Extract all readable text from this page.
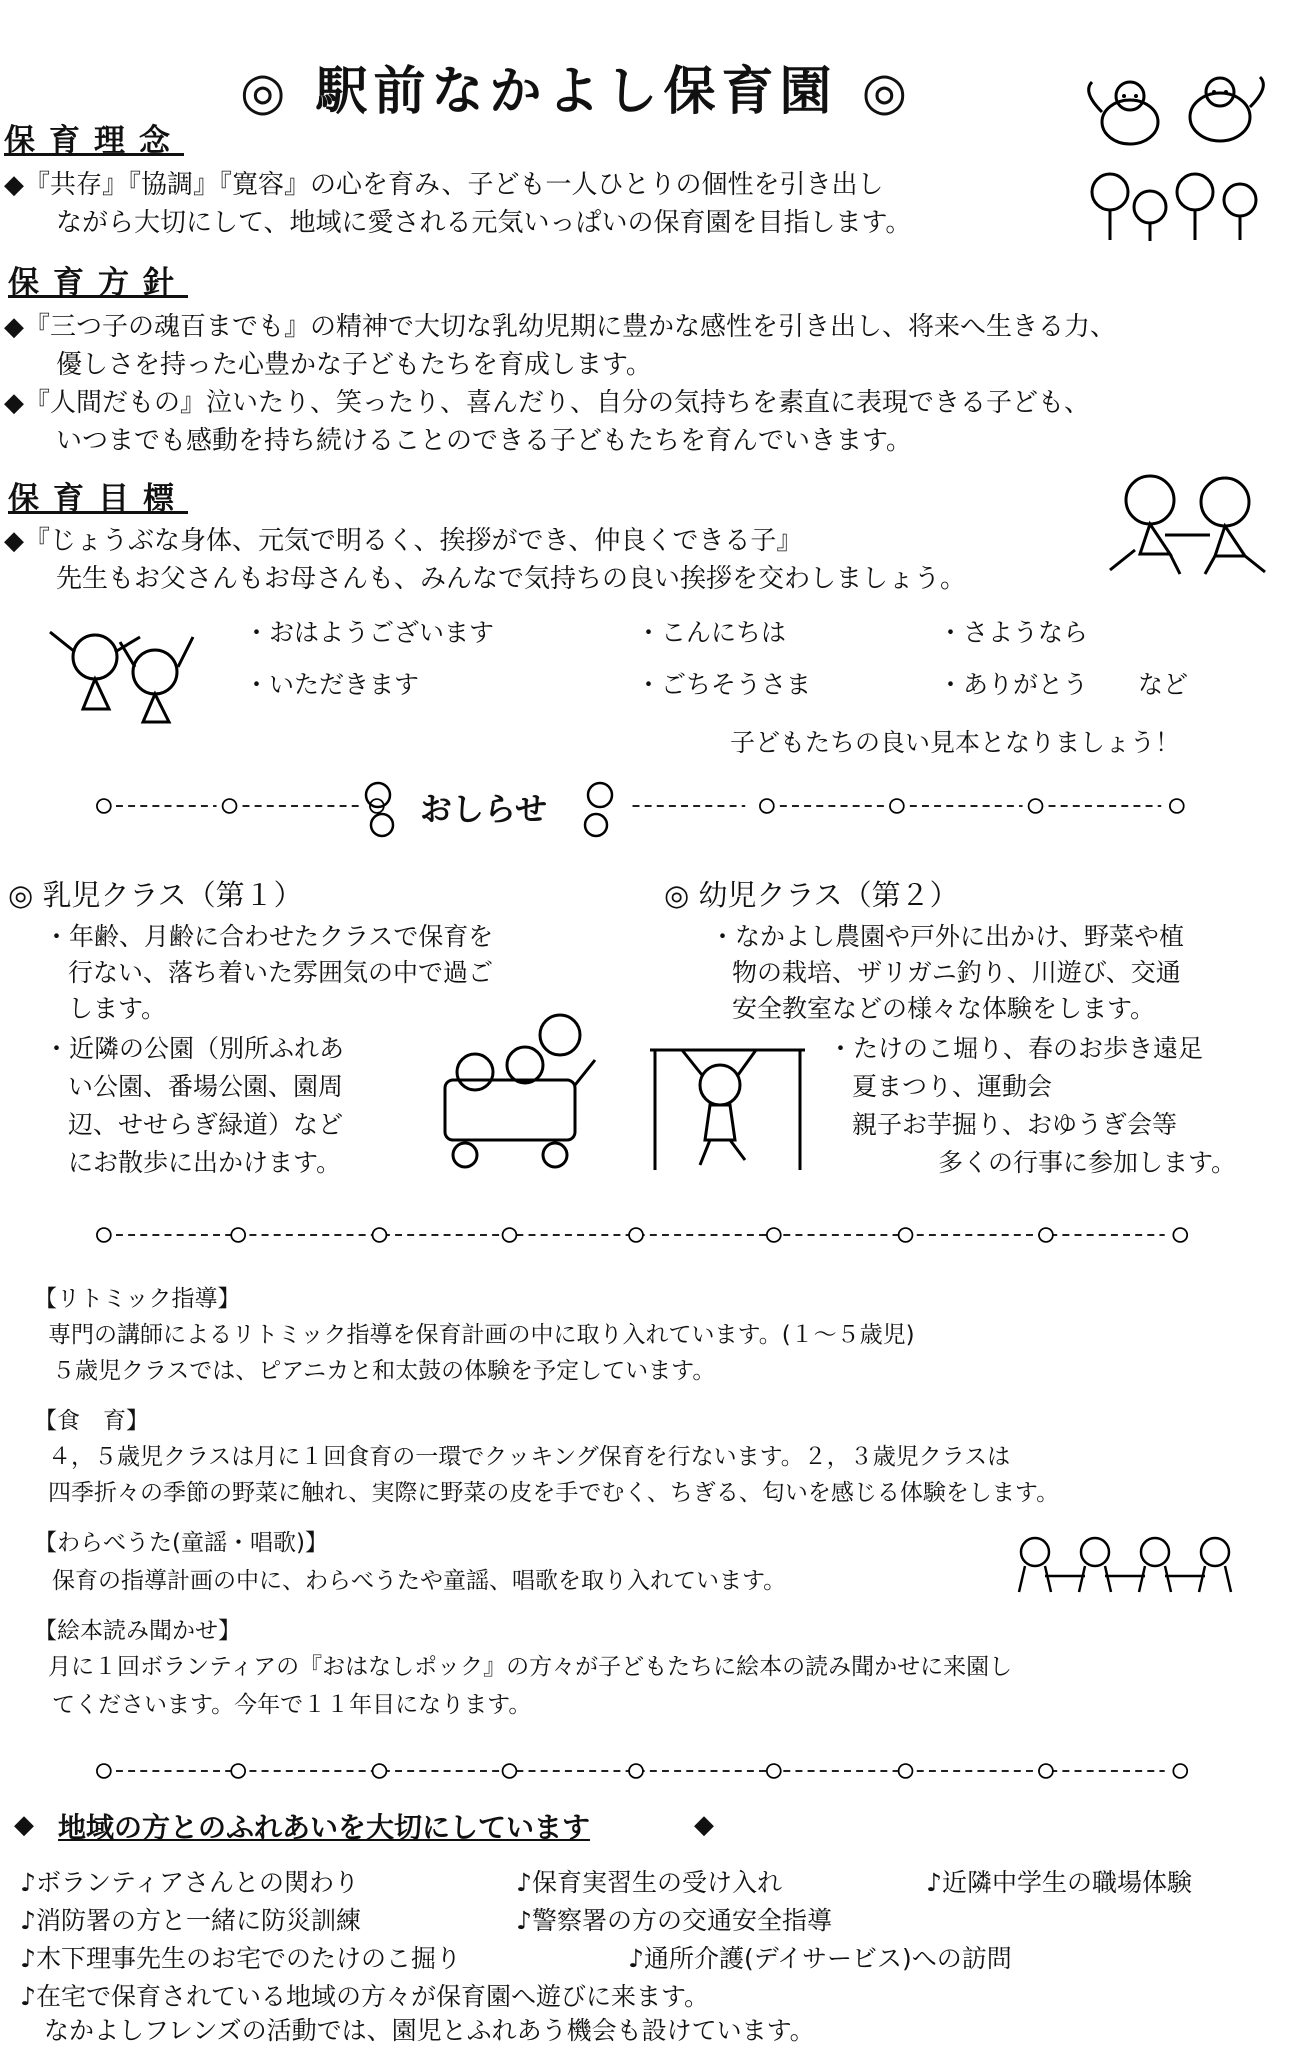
◎ 駅前なかよし保育園 ◎
保育理念
◆『共存』『協調』『寛容』の心を育み、子ども一人ひとりの個性を引き出し
ながら大切にして、地域に愛される元気いっぱいの保育園を目指します。
保育方針
◆『三つ子の魂百までも』の精神で大切な乳幼児期に豊かな感性を引き出し、将来へ生きる力、
優しさを持った心豊かな子どもたちを育成します。
◆『人間だもの』泣いたり、笑ったり、喜んだり、自分の気持ちを素直に表現できる子ども、
いつまでも感動を持ち続けることのできる子どもたちを育んでいきます。
保育目標
◆『じょうぶな身体、元気で明るく、挨拶ができ、仲良くできる子』
先生もお父さんもお母さんも、みんなで気持ちの良い挨拶を交わしましょう。
・おはようございます	・こんにちは	・さようなら
・いただきます	・ごちそうさま	・ありがとう　　など
子どもたちの良い見本となりましょう！
おしらせ
◎ 乳児クラス（第１）
・年齢、月齢に合わせたクラスで保育を
行ない、落ち着いた雰囲気の中で過ご
します。
・近隣の公園（別所ふれあ
い公園、番場公園、園周
辺、せせらぎ緑道）など
にお散歩に出かけます。
◎ 幼児クラス（第２）
・なかよし農園や戸外に出かけ、野菜や植
物の栽培、ザリガニ釣り、川遊び、交通
安全教室などの様々な体験をします。
・たけのこ堀り、春のお歩き遠足
夏まつり、運動会
親子お芋掘り、おゆうぎ会等
多くの行事に参加します。
【リトミック指導】
専門の講師によるリトミック指導を保育計画の中に取り入れています。(１～５歳児)
５歳児クラスでは、ピアニカと和太鼓の体験を予定しています。
【食　育】
４，５歳児クラスは月に１回食育の一環でクッキング保育を行ないます。２，３歳児クラスは
四季折々の季節の野菜に触れ、実際に野菜の皮を手でむく、ちぎる、匂いを感じる体験をします。
【わらべうた(童謡・唱歌)】
保育の指導計画の中に、わらべうたや童謡、唱歌を取り入れています。
【絵本読み聞かせ】
月に１回ボランティアの『おはなしポック』の方々が子どもたちに絵本の読み聞かせに来園し
てくださいます。今年で１１年目になります。
◆ 地域の方とのふれあいを大切にしています	◆
♪ボランティアさんとの関わり	♪保育実習生の受け入れ	♪近隣中学生の職場体験
♪消防署の方と一緒に防災訓練	♪警察署の方の交通安全指導
♪木下理事先生のお宅でのたけのこ掘り	♪通所介護(デイサービス)への訪問
♪在宅で保育されている地域の方々が保育園へ遊びに来ます。
なかよしフレンズの活動では、園児とふれあう機会も設けています。
